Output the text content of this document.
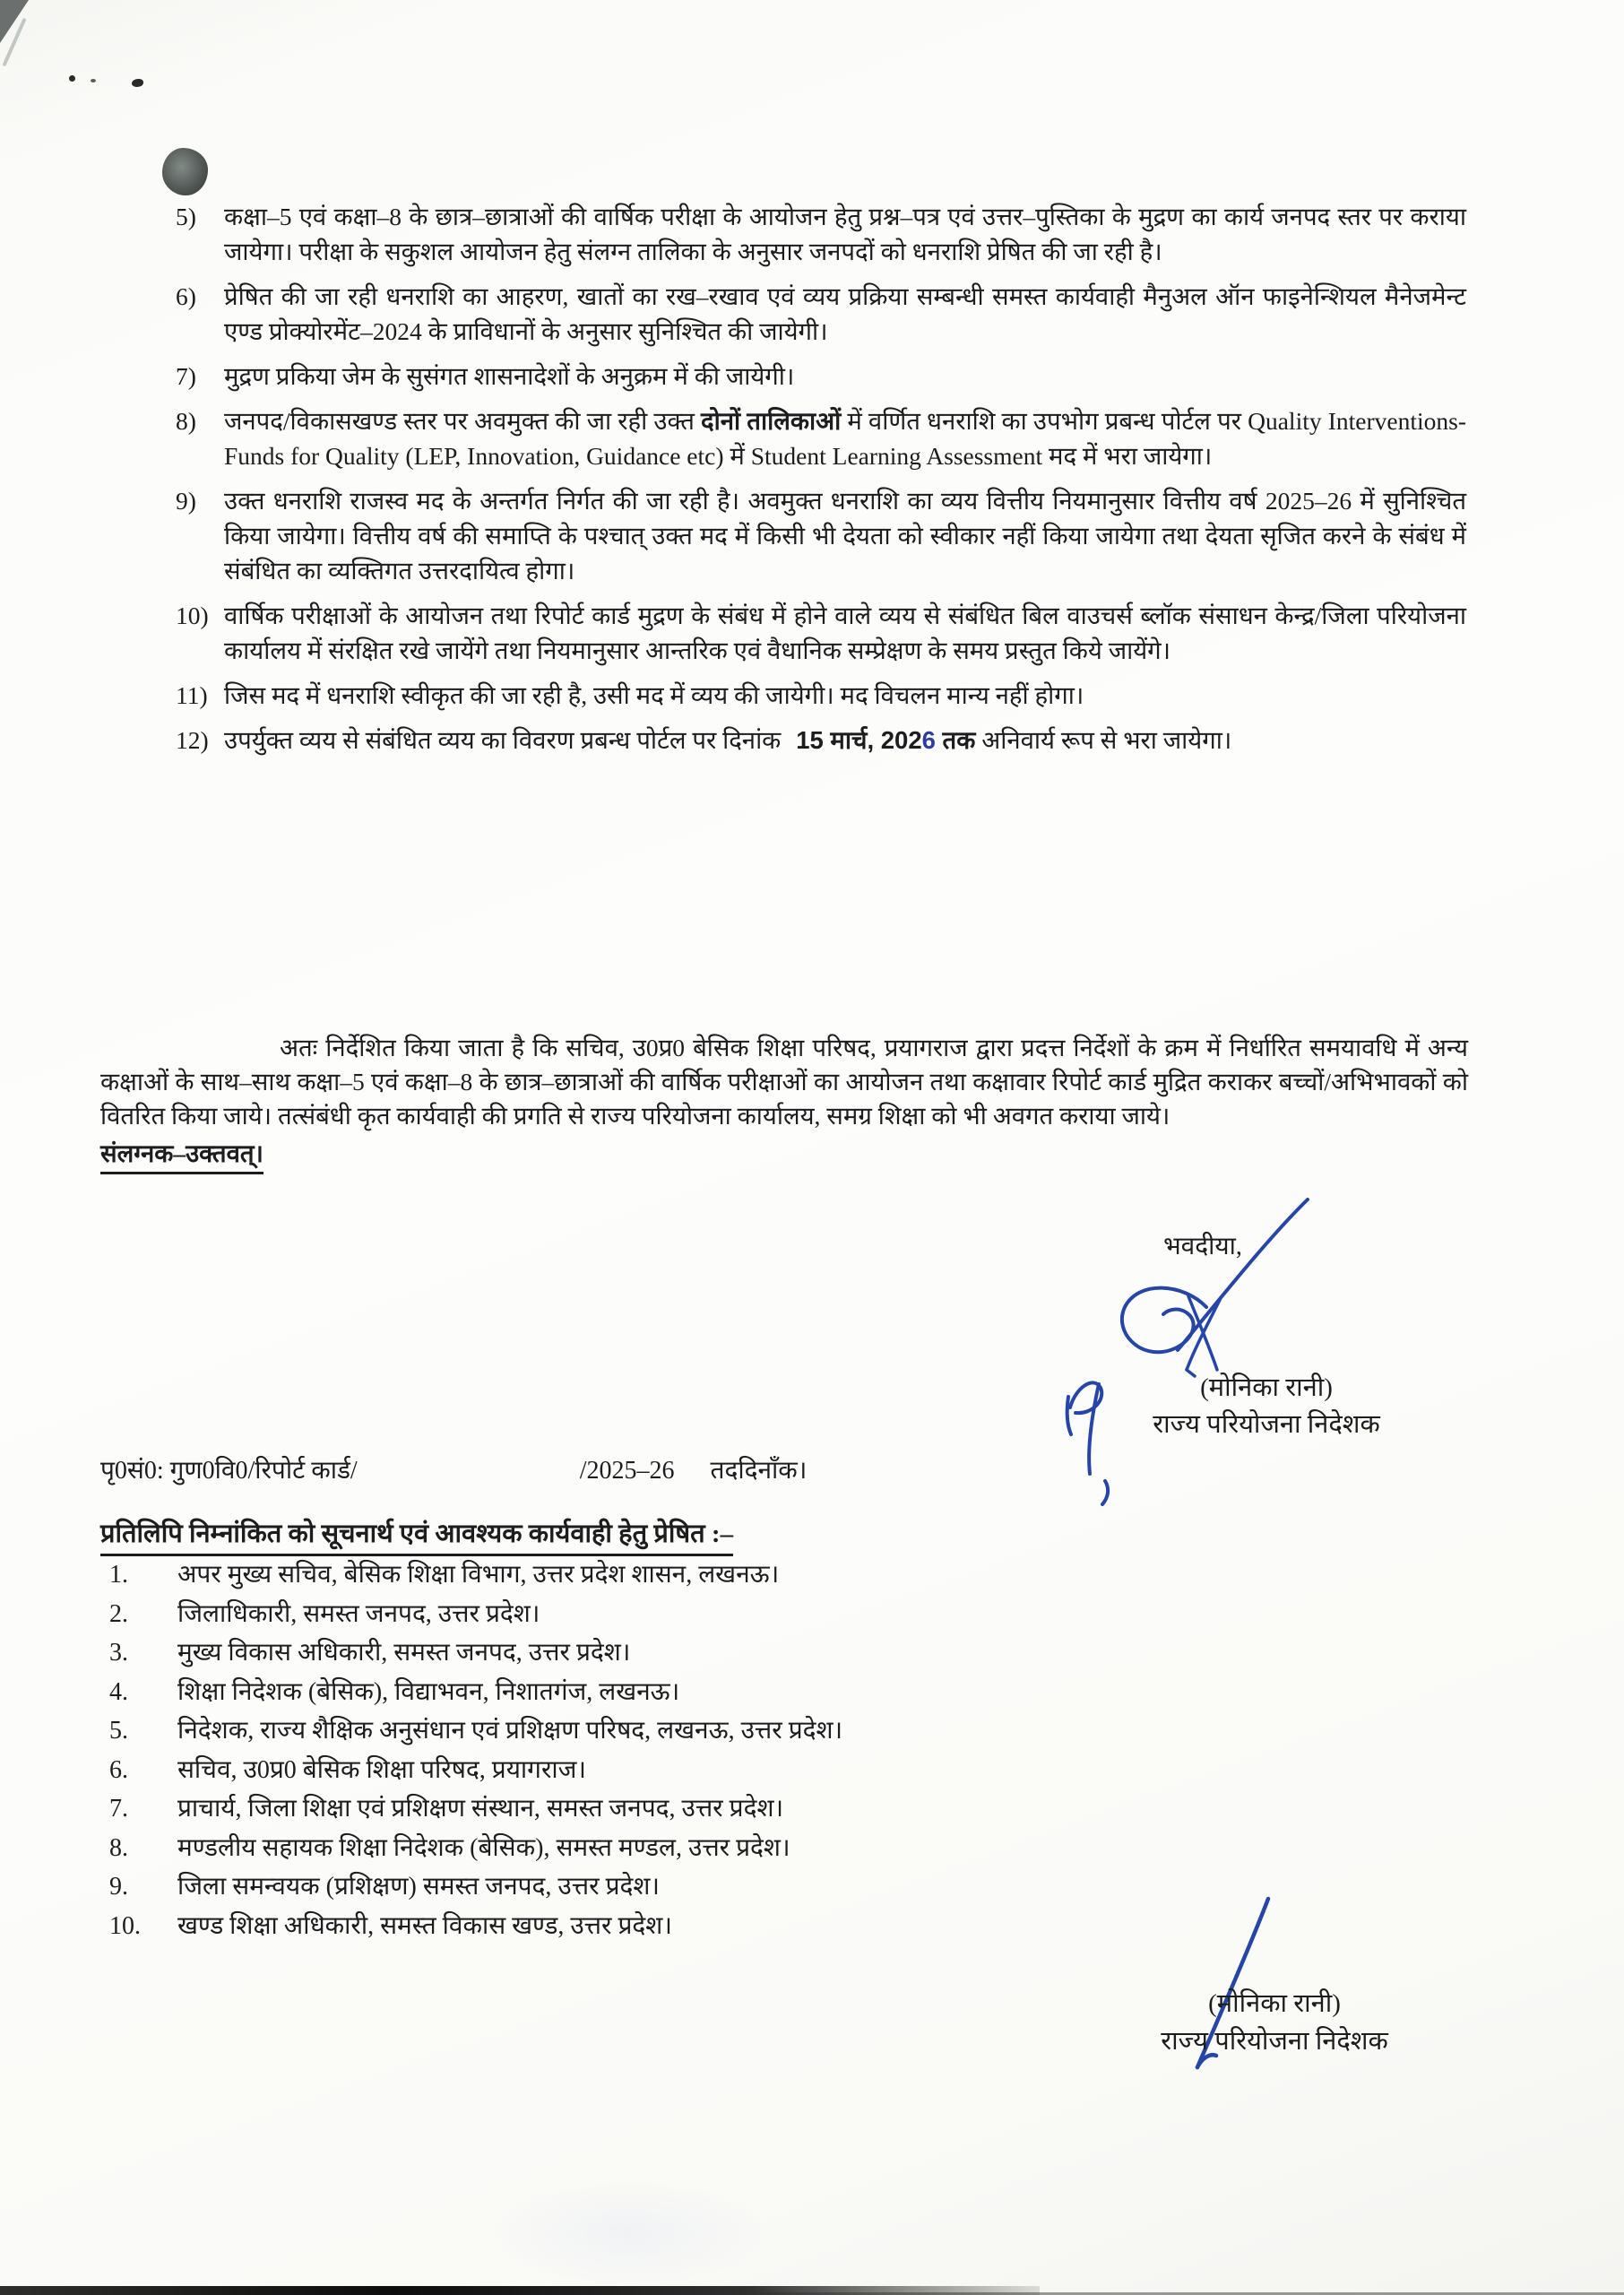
5)	कक्षा–5 एवं कक्षा–8 के छात्र–छात्राओं की वार्षिक परीक्षा के आयोजन हेतु प्रश्न–पत्र एवं उत्तर–पुस्तिका के मुद्रण का कार्य जनपद स्तर पर कराया जायेगा। परीक्षा के सकुशल आयोजन हेतु संलग्न तालिका के अनुसार जनपदों को धनराशि प्रेषित की जा रही है।
6)	प्रेषित की जा रही धनराशि का आहरण, खातों का रख–रखाव एवं व्यय प्रक्रिया सम्बन्धी समस्त कार्यवाही मैनुअल ऑन फाइनेन्शियल मैनेजमेन्ट एण्ड प्रोक्योरमेंट–2024 के प्राविधानों के अनुसार सुनिश्चित की जायेगी।
7)	मुद्रण प्रकिया जेम के सुसंगत शासनादेशों के अनुक्रम में की जायेगी।
8)	जनपद/विकासखण्ड स्तर पर अवमुक्त की जा रही उक्त दोनों तालिकाओं में वर्णित धनराशि का उपभोग प्रबन्ध पोर्टल पर Quality Interventions-Funds for Quality (LEP, Innovation, Guidance etc) में Student Learning Assessment मद में भरा जायेगा।
9)	उक्त धनराशि राजस्व मद के अन्तर्गत निर्गत की जा रही है। अवमुक्त धनराशि का व्यय वित्तीय नियमानुसार वित्तीय वर्ष 2025–26 में सुनिश्चित किया जायेगा। वित्तीय वर्ष की समाप्ति के पश्चात् उक्त मद में किसी भी देयता को स्वीकार नहीं किया जायेगा तथा देयता सृजित करने के संबंध में संबंधित का व्यक्तिगत उत्तरदायित्व होगा।
10) वार्षिक परीक्षाओं के आयोजन तथा रिपोर्ट कार्ड मुद्रण के संबंध में होने वाले व्यय से संबंधित बिल वाउचर्स ब्लॉक संसाधन केन्द्र/जिला परियोजना कार्यालय में संरक्षित रखे जायेंगे तथा नियमानुसार आन्तरिक एवं वैधानिक सम्प्रेक्षण के समय प्रस्तुत किये जायेंगे।
11) जिस मद में धनराशि स्वीकृत की जा रही है, उसी मद में व्यय की जायेगी। मद विचलन मान्य नहीं होगा।
12) उपर्युक्त व्यय से संबंधित व्यय का विवरण प्रबन्ध पोर्टल पर दिनांक 15 मार्च, 2026 तक अनिवार्य रूप से भरा जायेगा।

अतः निर्देशित किया जाता है कि सचिव, उ0प्र0 बेसिक शिक्षा परिषद, प्रयागराज द्वारा प्रदत्त निर्देशों के क्रम में निर्धारित समयावधि में अन्य कक्षाओं के साथ–साथ कक्षा–5 एवं कक्षा–8 के छात्र–छात्राओं की वार्षिक परीक्षाओं का आयोजन तथा कक्षावार रिपोर्ट कार्ड मुद्रित कराकर बच्चों/अभिभावकों को वितरित किया जाये। तत्संबंधी कृत कार्यवाही की प्रगति से राज्य परियोजना कार्यालय, समग्र शिक्षा को भी अवगत कराया जाये।

संलग्नक–उक्तवत्।
भवदीया,
(मोनिका रानी)
राज्य परियोजना निदेशक
पृ0सं0: गुण0वि0/रिपोर्ट कार्ड/	/2025–26 तददिनाँक।
प्रतिलिपि निम्नांकित को सूचनार्थ एवं आवश्यक कार्यवाही हेतु प्रेषित :–
1.	अपर मुख्य सचिव, बेसिक शिक्षा विभाग, उत्तर प्रदेश शासन, लखनऊ।
2.	जिलाधिकारी, समस्त जनपद, उत्तर प्रदेश।
3.	मुख्य विकास अधिकारी, समस्त जनपद, उत्तर प्रदेश।
4.	शिक्षा निदेशक (बेसिक), विद्याभवन, निशातगंज, लखनऊ।
5.	निदेशक, राज्य शैक्षिक अनुसंधान एवं प्रशिक्षण परिषद, लखनऊ, उत्तर प्रदेश।
6.	सचिव, उ0प्र0 बेसिक शिक्षा परिषद, प्रयागराज।
7.	प्राचार्य, जिला शिक्षा एवं प्रशिक्षण संस्थान, समस्त जनपद, उत्तर प्रदेश।
8.	मण्डलीय सहायक शिक्षा निदेशक (बेसिक), समस्त मण्डल, उत्तर प्रदेश।
9.	जिला समन्वयक (प्रशिक्षण) समस्त जनपद, उत्तर प्रदेश।
10.	खण्ड शिक्षा अधिकारी, समस्त विकास खण्ड, उत्तर प्रदेश।
(मोनिका रानी)
राज्य परियोजना निदेशक
